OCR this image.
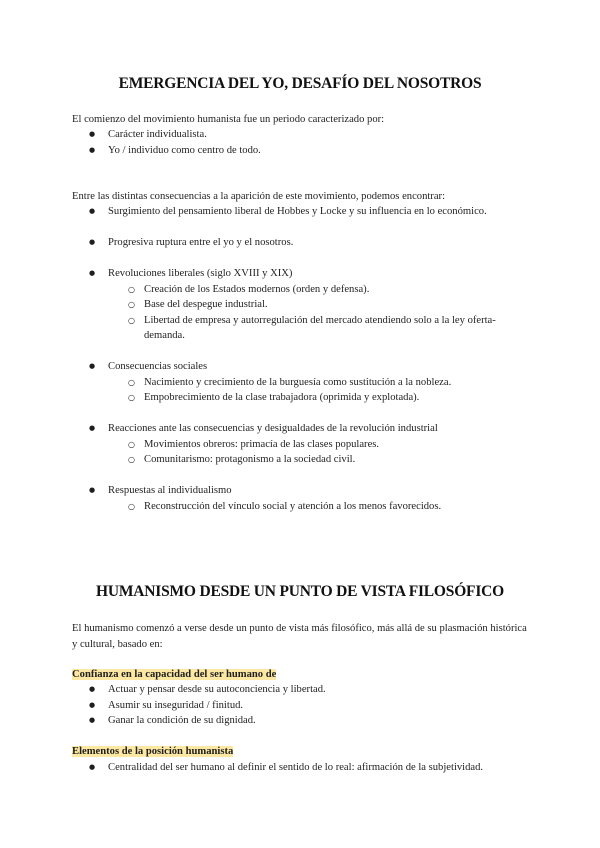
EMERGENCIA DEL YO, DESAFÍO DEL NOSOTROS

El comienzo del movimiento humanista fue un periodo caracterizado por:

● Carácter individualista.
● Yo / individuo como centro de todo.

Entre las distintas consecuencias a la aparición de este movimiento, podemos encontrar:

● Surgimiento del pensamiento liberal de Hobbes y Locke y su influencia en lo económico.
● Progresiva ruptura entre el yo y el nosotros.
● Revoluciones liberales (siglo XVIII y XIX)
○ Creación de los Estados modernos (orden y defensa).
○ Base del despegue industrial.
○ Libertad de empresa y autorregulación del mercado atendiendo solo a la ley oferta-demanda.
● Consecuencias sociales
○ Nacimiento y crecimiento de la burguesía como sustitución a la nobleza.
○ Empobrecimiento de la clase trabajadora (oprimida y explotada).
● Reacciones ante las consecuencias y desigualdades de la revolución industrial
○ Movimientos obreros: primacía de las clases populares.
○ Comunitarismo: protagonismo a la sociedad civil.
● Respuestas al individualismo
○ Reconstrucción del vínculo social y atención a los menos favorecidos.
HUMANISMO DESDE UN PUNTO DE VISTA FILOSÓFICO

El humanismo comenzó a verse desde un punto de vista más filosófico, más allá de su plasmación histórica y cultural, basado en:

Confianza en la capacidad del ser humano de

● Actuar y pensar desde su autoconciencia y libertad.
● Asumir su inseguridad / finitud.
● Ganar la condición de su dignidad.

Elementos de la posición humanista

● Centralidad del ser humano al definir el sentido de lo real: afirmación de la subjetividad.
